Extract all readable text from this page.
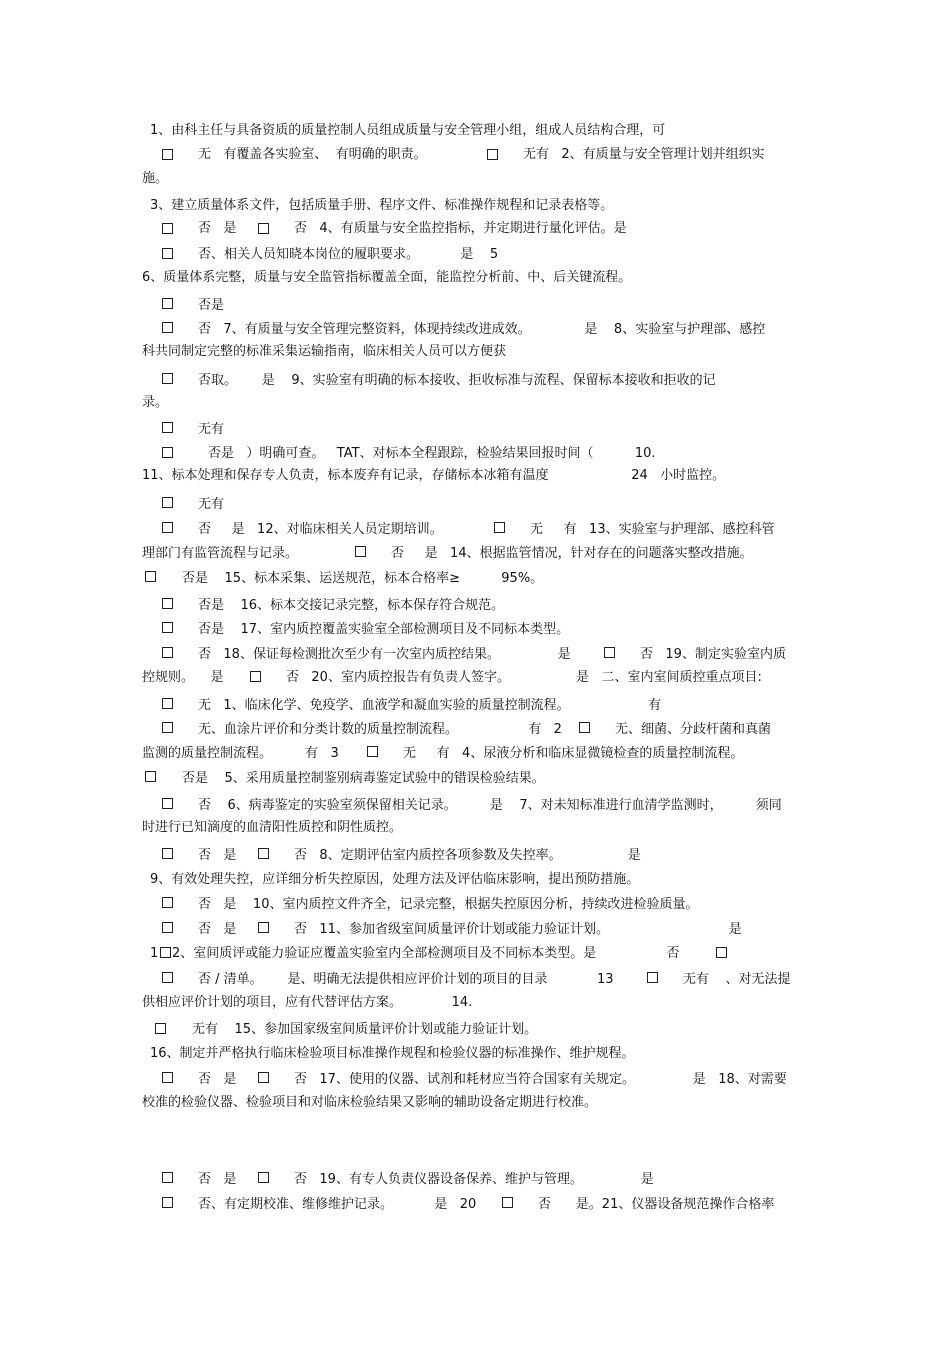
1、由科主任与具备资质的质量控制人员组成质量与安全管理小组，组成人员结构合理，可
无   有覆盖各实验室、  有明确的职责。	无有   2、有质量与安全管理计划并组织实
施。
3、建立质量体系文件，包括质量手册、程序文件、标准操作规程和记录表格等。
否   是	否   4、有质量与安全监控指标，并定期进行量化评估。是
否、相关人员知晓本岗位的履职要求。          是    5
6、质量体系完整，质量与安全监管指标覆盖全面，能监控分析前、中、后关键流程。
否是
否   7、有质量与安全管理完整资料，体现持续改进成效。             是    8、实验室与护理部、感控
科共同制定完整的标准采集运输指南，临床相关人员可以方便获
否取。      是    9、实验室有明确的标本接收、拒收标准与流程、保留标本接收和拒收的记
录。
无有
否是   ）明确可查。   TAT、对标本全程跟踪，检验结果回报时间（          10.
11、标本处理和保存专人负责，标本废弃有记录，存储标本冰箱有温度                    24   小时监控。
无有
否     是   12、对临床相关人员定期培训。	无     有   13、实验室与护理部、感控科管
理部门有监管流程与记录。	否     是   14、根据监管情况，针对存在的问题落实整改措施。
否是    15、标本采集、运送规范，标本合格率≥          95%。
否是    16、标本交接记录完整，标本保存符合规范。
否是    17、室内质控覆盖实验室全部检测项目及不同标本类型。
否   18、保证每检测批次至少有一次室内质控结果。              是	否   19、制定实验室内质
控规则。    是	否   20、室内质控报告有负责人签字。                是   二、室内室间质控重点项目:
无   1、临床化学、免疫学、血液学和凝血实验的质量控制流程。                   有
无、血涂片评价和分类计数的质量控制流程。                 有   2	无、细菌、分歧杆菌和真菌
监测的质量控制流程。        有   3	无     有   4、尿液分析和临床显微镜检查的质量控制流程。
否是    5、采用质量控制鉴别病毒鉴定试验中的错误检验结果。
否    6、病毒鉴定的实验室须保留相关记录。        是    7、对未知标准进行血清学监测时，        须同
时进行已知滴度的血清阳性质控和阴性质控。
否   是	否   8、定期评估室内质控各项参数及失控率。                是
9、有效处理失控，应详细分析失控原因，处理方法及评估临床影响，提出预防措施。
否   是    10、室内质控文件齐全，记录完整，根据失控原因分析，持续改进检验质量。
否   是	否   11、参加省级室间质量评价计划或能力验证计划。                             是
1 2、室间质评或能力验证应覆盖实验室内全部检测项目及不同标本类型。是                 否
否 / 清单。      是、明确无法提供相应评价计划的项目的目录            13	无有    、对无法提
供相应评价计划的项目，应有代替评估方案。            14.
无有    15、参加国家级室间质量评价计划或能力验证计划。
16、制定并严格执行临床检验项目标准操作规程和检验仪器的标准操作、维护规程。
否   是	否   17、使用的仪器、试剂和耗材应当符合国家有关规定。              是   18、对需要
校准的检验仪器、检验项目和对临床检验结果又影响的辅助设备定期进行校准。
否   是	否   19、有专人负责仪器设备保养、维护与管理。              是
否、有定期校准、维修维护记录。          是   20	否      是。21、仪器设备规范操作合格率
